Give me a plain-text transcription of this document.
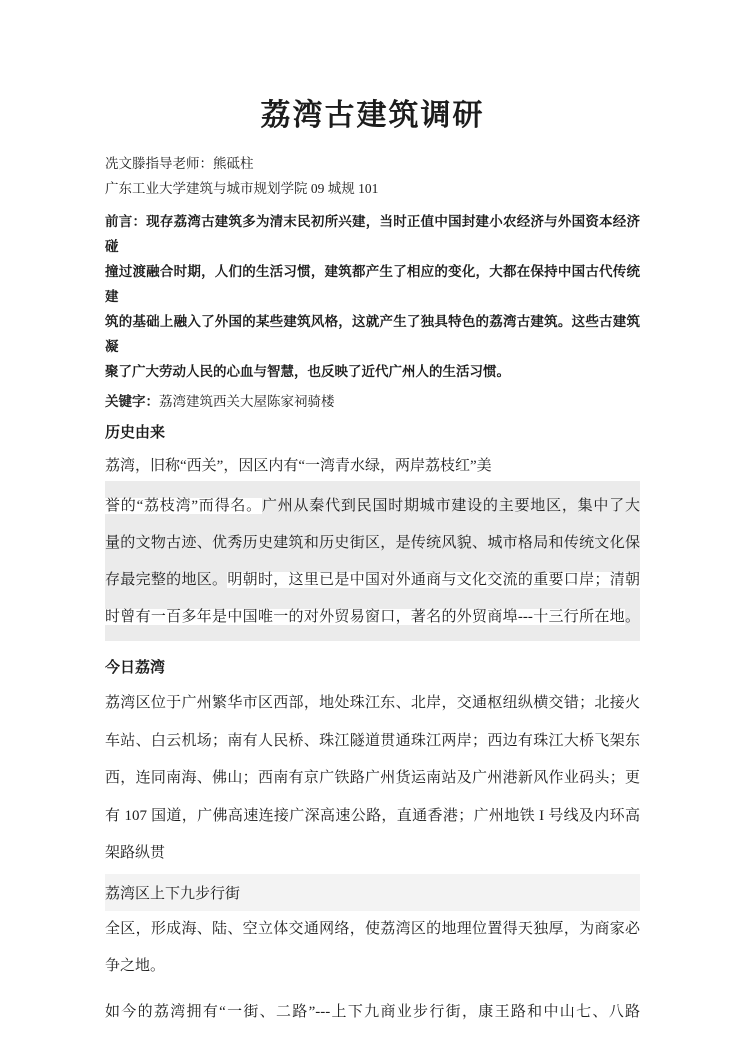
荔湾古建筑调研
冼文滕指导老师：熊砥柱
广东工业大学建筑与城市规划学院 09 城规 101
前言：现存荔湾古建筑多为清末民初所兴建，当时正值中国封建小农经济与外国资本经济碰
撞过渡融合时期，人们的生活习惯，建筑都产生了相应的变化，大都在保持中国古代传统建
筑的基础上融入了外国的某些建筑风格，这就产生了独具特色的荔湾古建筑。这些古建筑凝
聚了广大劳动人民的心血与智慧，也反映了近代广州人的生活习惯。
关键字：荔湾建筑西关大屋陈家祠骑楼
历史由来
荔湾，旧称“西关”，因区内有“一湾青水绿，两岸荔枝红”美
誉的“荔枝湾”而得名。广州从秦代到民国时期城市建设的主要地区，集中了大
量的文物古迹、优秀历史建筑和历史街区，是传统风貌、城市格局和传统文化保
存最完整的地区。明朝时，这里已是中国对外通商与文化交流的重要口岸；清朝
时曾有一百多年是中国唯一的对外贸易窗口，著名的外贸商埠---十三行所在地。
今日荔湾

荔湾区位于广州繁华市区西部，地处珠江东、北岸，交通枢纽纵横交错；北接火
车站、白云机场；南有人民桥、珠江隧道贯通珠江两岸；西边有珠江大桥飞架东
西，连同南海、佛山；西南有京广铁路广州货运南站及广州港新风作业码头；更
有 107 国道，广佛高速连接广深高速公路，直通香港；广州地铁 I 号线及内环高
架路纵贯

荔湾区上下九步行街

全区，形成海、陆、空立体交通网络，使荔湾区的地理位置得天独厚，为商家必
争之地。

如今的荔湾拥有“一街、二路”---上下九商业步行街，康王路和中山七、八路
